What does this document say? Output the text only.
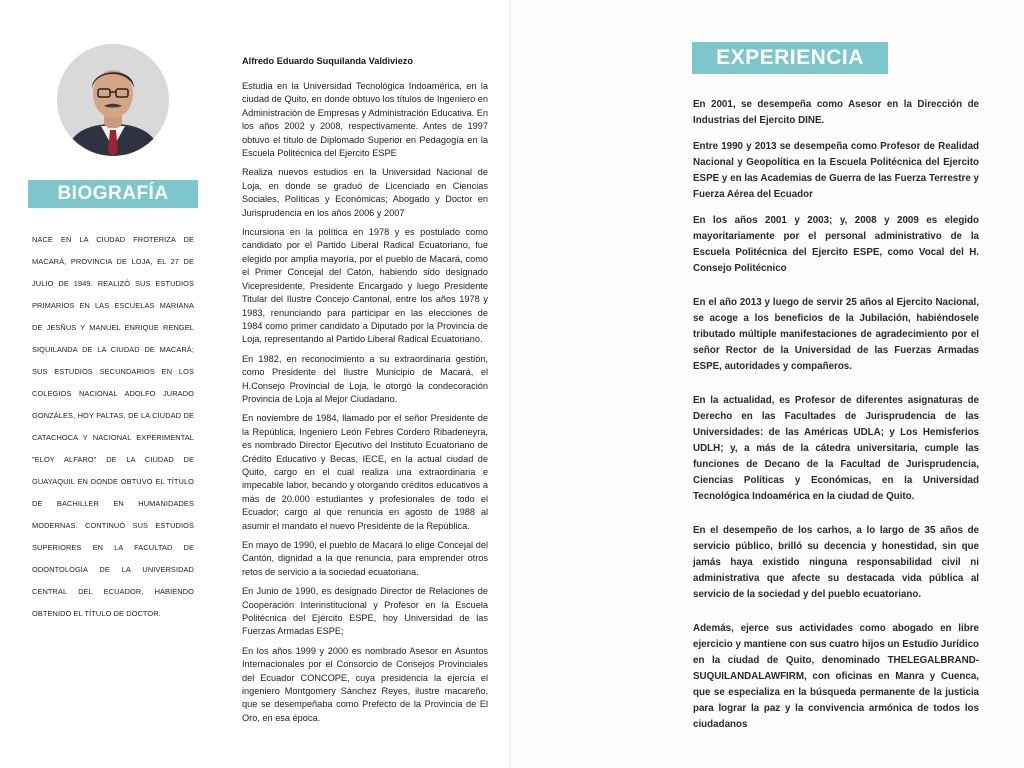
BIOGRAFÍA
NACE EN LA CIUDAD FROTERIZA DE MACARÁ, PROVINCIA DE LOJA, EL 27 DE JULIO DE 1949. REALIZÓ SUS ESTUDIOS PRIMARIOS EN LAS ESCUELAS MARIANA DE JESÑUS Y MANUEL ENRIQUE RENGEL SIQUILANDA DE LA CIUDAD DE MACARÁ; SUS ESTUDIOS SECUNDARIOS EN LOS COLEGIOS NACIONAL ADOLFO JURADO GONZÁLES, HOY PALTAS, DE LA CIUDAD DE CATACHOCA Y NACIONAL EXPERIMENTAL "ELOY ALFARO" DE LA CIUDAD DE GUAYAQUIL EN DONDE OBTUVO EL TÍTULO DE BACHILLER EN HUMANIDADES MODERNAS. CONTINUÓ SUS ESTUDIOS SUPERIORES EN LA FACULTAD DE ODONTOLOGÍA DE LA UNIVERSIDAD CENTRAL DEL ECUADOR, HABIENDO OBTENIDO EL TÍTULO DE DOCTOR.
Alfredo Eduardo Suquilanda Valdiviezo

Estudia en la Universidad Tecnológica Indoamérica, en la ciudad de Quito, en donde obtuvo los títulos de Ingeniero en Administración de Empresas y Administración Educativa. En los años 2002 y 2008, respectivamente. Antes de 1997 obtuvo el título de Diplomado Superior en Pedagogía en la Escuela Politécnica del Ejercito ESPE

Realiza nuevos estudios en la Universidad Nacional de Loja, en donde se graduó de Licenciado en Ciencias Sociales, Políticas y Económicas; Abogado y Doctor en Jurisprudencia en los años 2006 y 2007

Incursiona en la política en 1978 y es postulado como candidato por el Partido Liberal Radical Ecuatoriano, fue elegido por amplia mayoría, por el pueblo de Macará, como el Primer Concejal del Catón, habiendo sido designado Vicepresidente, Presidente Encargado y luego Presidente Titular del Ilustre Concejo Cantonal, entre los años 1978 y 1983, renunciando para participar en las elecciones de 1984 como primer candidato a Diputado por la Provincia de Loja, representando al Partido Liberal Radical Ecuatoriano.

En 1982, en reconocimiento a su extraordinaria gestión, como Presidente del Ilustre Municipio de Macará, el H.Consejo Provincial de Loja, le otorgó la condecoración Provincia de Loja al Mejor Ciudadano.

En noviembre de 1984, llamado por el señor Presidente de la República, Ingeniero León Febres Cordero Ribadeneyra, es nombrado Director Ejecutivo del Instituto Ecuatoriano de Crédito Educativo y Becas, IECE, en la actual ciudad de Quito, cargo en el cual realiza una extraordinaria e impecable labor, becando y otorgando créditos educativos a más de 20.000 estudiantes y profesionales de todo el Ecuador; cargo al que renuncia en agosto de 1988 al asumir el mandato el nuevo Presidente de la República.

En mayo de 1990, el pueblo de Macará lo elige Concejal del Cantón, dignidad a la que renuncia, para emprender otros retos de servicio a la sociedad ecuatoriana.

En Junio de 1990, es designado Director de Relaciones de Cooperación Interinstitucional y Profesor en la Escuela Politécnica del Ejército ESPE, hoy Universidad de las Fuerzas Armadas ESPE;

En los años 1999 y 2000 es nombrado Asesor en Asuntos Internacionales por el Consorcio de Consejos Provinciales del Ecuador CONCOPE, cuya presidencia la ejercía el ingeniero Montgomery Sánchez Reyes, ilustre macareño, que se desempeñaba como Prefecto de la Provincia de El Oro, en esa época.

EXPERIENCIA

En 2001, se desempeña como Asesor en la Dirección de Industrias del Ejercito DINE.

Entre 1990 y 2013 se desempeña como Profesor de Realidad Nacional y Geopolítica en la Escuela Politécnica del Ejercito ESPE y en las Academias de Guerra de las Fuerza Terrestre y Fuerza Aérea del Ecuador

En los años 2001 y 2003; y, 2008 y 2009 es elegido mayoritariamente por el personal administrativo de la Escuela Politécnica del Ejercito ESPE, como Vocal del H. Consejo Politécnico

En el año 2013 y luego de servir 25 años al Ejercito Nacional, se acoge a los beneficios de la Jubilación, habiéndosele tributado múltiple manifestaciones de agradecimiento por el señor Rector de la Universidad de las Fuerzas Armadas ESPE, autoridades y compañeros.

En la actualidad, es Profesor de diferentes asignaturas de Derecho en las Facultades de Jurisprudencia de las Universidades: de las Américas UDLA; y Los Hemisferios UDLH; y, a más de la cátedra universitaria, cumple las funciones de Decano de la Facultad de Jurisprudencia, Ciencias Políticas y Económicas, en la Universidad Tecnológica Indoamérica en la ciudad de Quito.

En el desempeño de los carhos, a lo largo de 35 años de servicio público, brilló su decencia y honestidad, sin que jamás haya existido ninguna responsabilidad civil ni administrativa que afecte su destacada vida pública al servicio de la sociedad y del pueblo ecuatoriano.

Además, ejerce sus actividades como abogado en libre ejercicio y mantiene con sus cuatro hijos un Estudio Jurídico en la ciudad de Quito, denominado THELEGALBRAND-SUQUILANDALAWFIRM, con oficinas en Manra y Cuenca, que se especializa en la búsqueda permanente de la justicia para lograr la paz y la convivencia armónica de todos los ciudadanos
